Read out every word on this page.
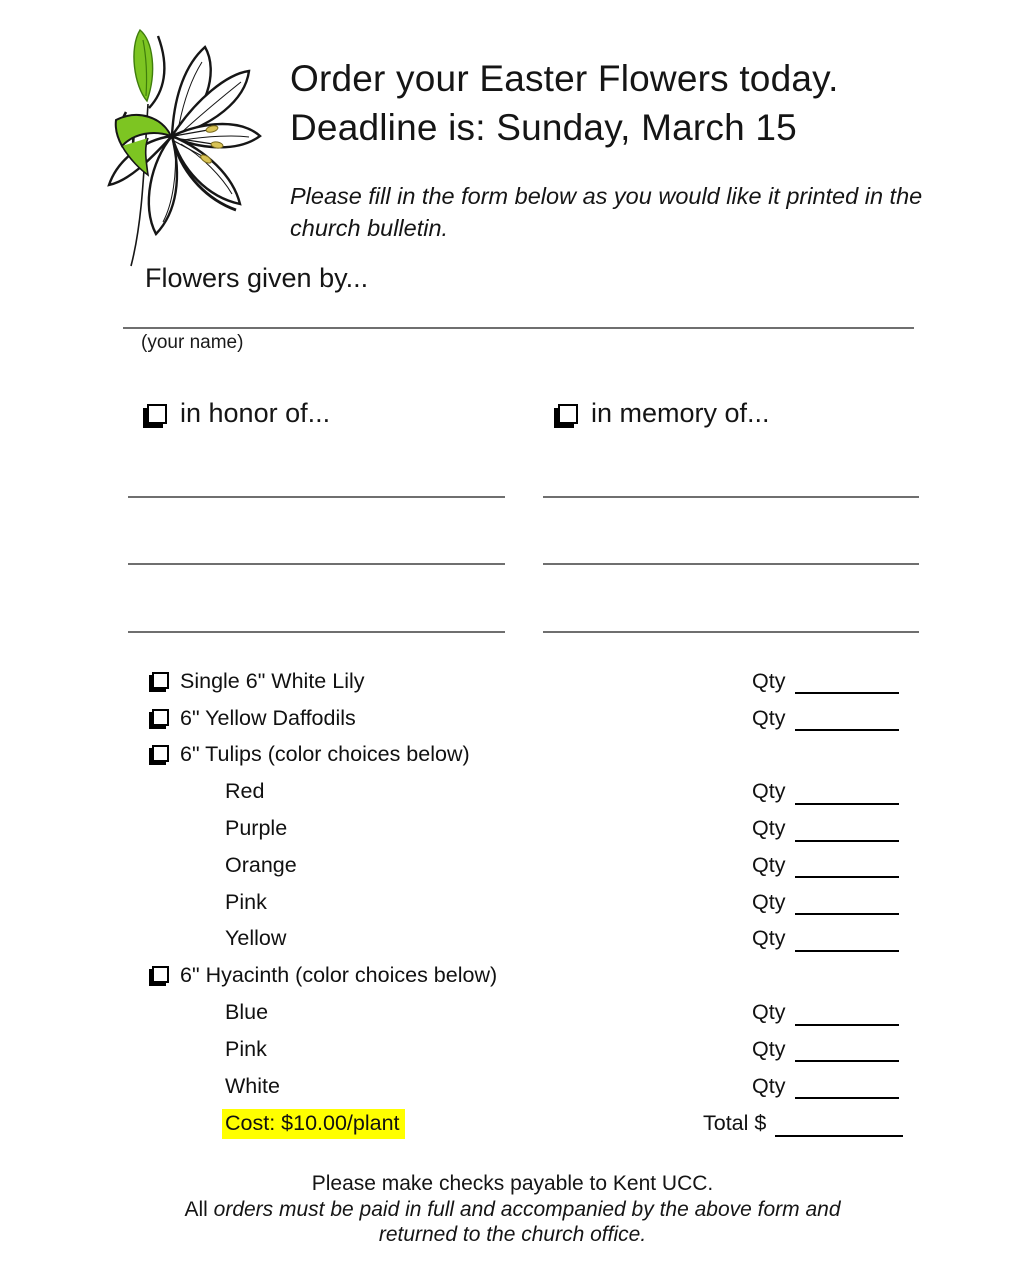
Order your Easter Flowers today.
Deadline is: Sunday, March 15
Please fill in the form below as you would like it printed in the church bulletin.
Flowers given by...
(your name)
in honor of...	in memory of...
Single 6" White Lily	Qty
6" Yellow Daffodils	Qty
6" Tulips (color choices below)
Red	Qty
Purple	Qty
Orange	Qty
Pink	Qty
Yellow	Qty
6" Hyacinth (color choices below)
Blue	Qty
Pink	Qty
White	Qty
Cost: $10.00/plant	Total $
Please make checks payable to Kent UCC.
All orders must be paid in full and accompanied by the above form and
returned to the church office.
